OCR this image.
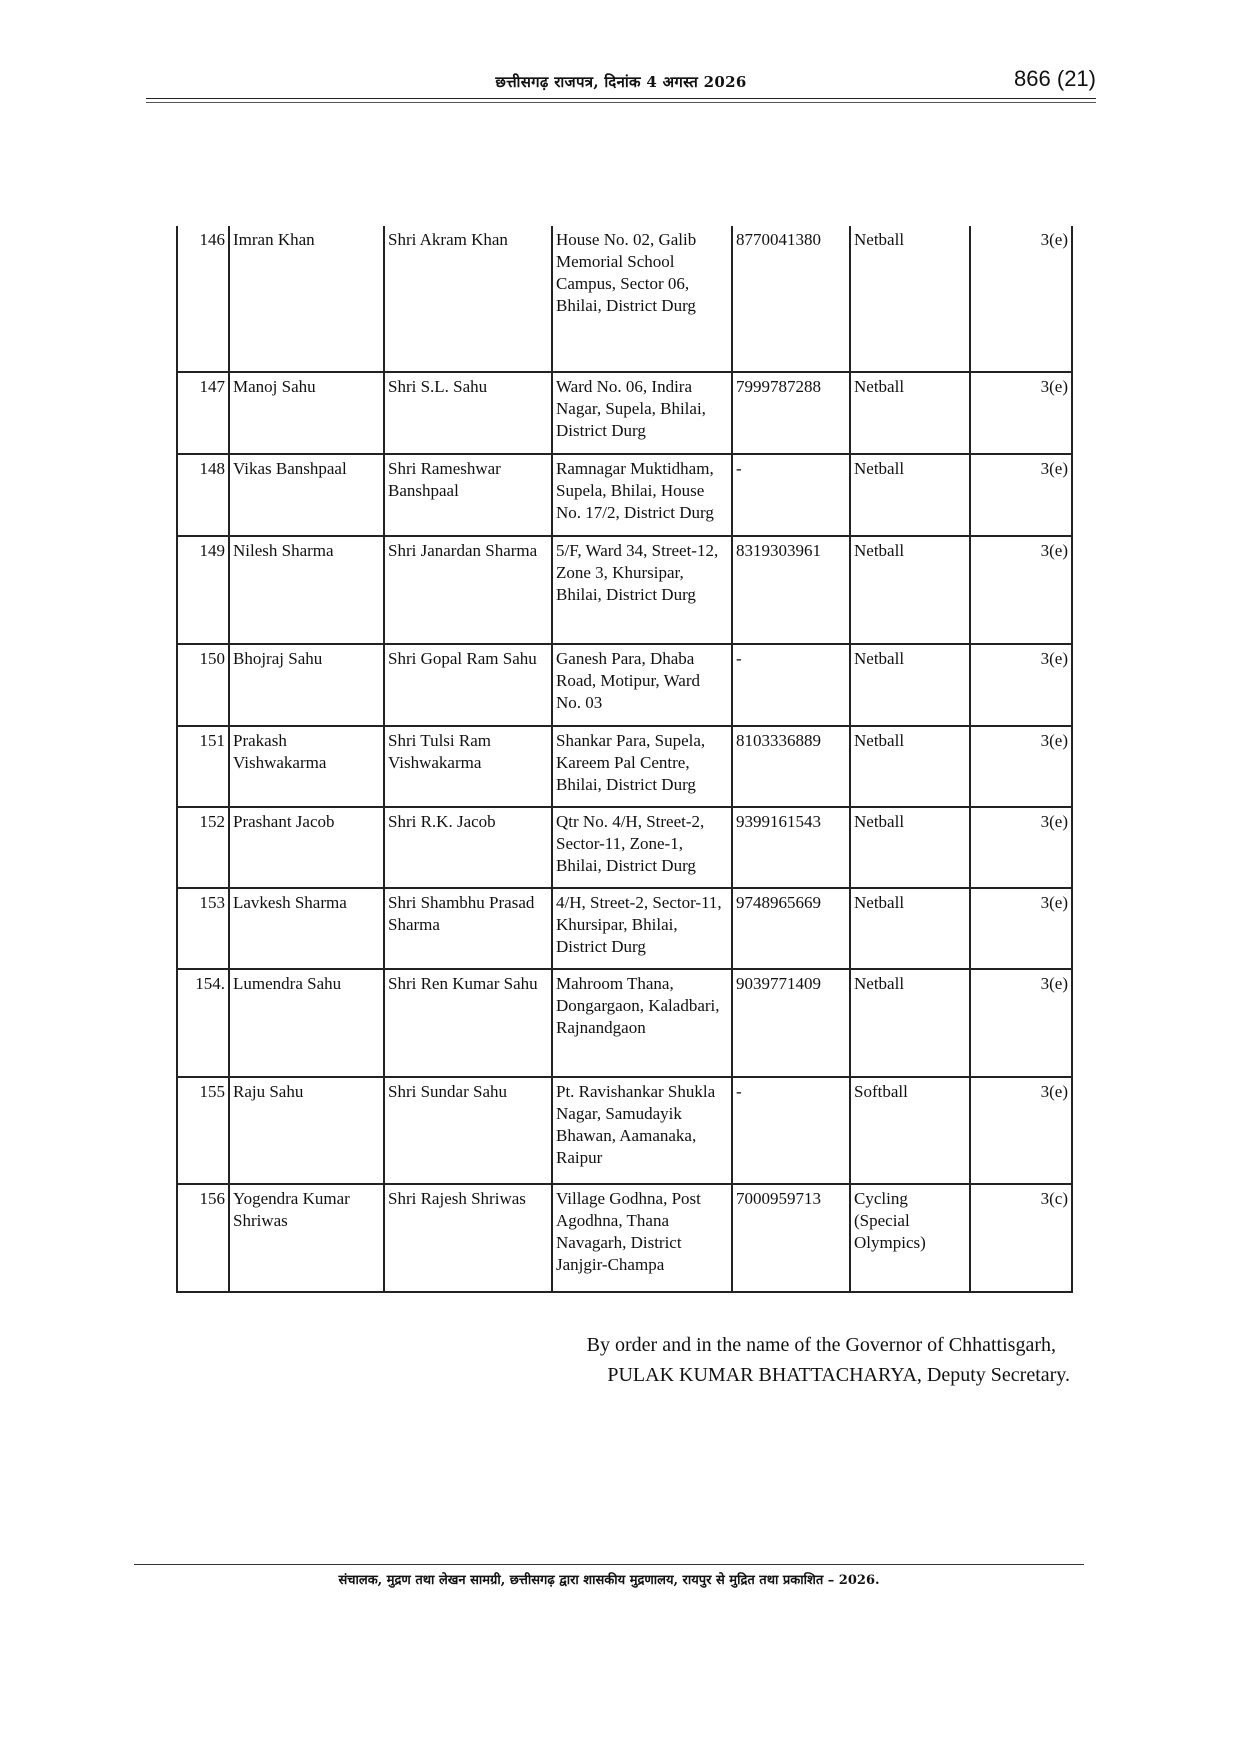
छत्तीसगढ़ राजपत्र, दिनांक 4 अगस्त 2026	866 (21)
146	Imran Khan	Shri Akram Khan	House No. 02, Galib Memorial School Campus, Sector 06, Bhilai, District Durg	8770041380	Netball	3(e)
147	Manoj Sahu	Shri S.L. Sahu	Ward No. 06, Indira Nagar, Supela, Bhilai, District Durg	7999787288	Netball	3(e)
148	Vikas Banshpaal	Shri Rameshwar Banshpaal	Ramnagar Muktidham, Supela, Bhilai, House No. 17/2, District Durg	-	Netball	3(e)
149	Nilesh Sharma	Shri Janardan Sharma	5/F, Ward 34, Street-12, Zone 3, Khursipar, Bhilai, District Durg	8319303961	Netball	3(e)
150	Bhojraj Sahu	Shri Gopal Ram Sahu	Ganesh Para, Dhaba Road, Motipur, Ward No. 03	-	Netball	3(e)
151	Prakash Vishwakarma	Shri Tulsi Ram Vishwakarma	Shankar Para, Supela, Kareem Pal Centre, Bhilai, District Durg	8103336889	Netball	3(e)
152	Prashant Jacob	Shri R.K. Jacob	Qtr No. 4/H, Street-2, Sector-11, Zone-1, Bhilai, District Durg	9399161543	Netball	3(e)
153	Lavkesh Sharma	Shri Shambhu Prasad Sharma	4/H, Street-2, Sector-11, Khursipar, Bhilai, District Durg	9748965669	Netball	3(e)
154.	Lumendra Sahu	Shri Ren Kumar Sahu	Mahroom Thana, Dongargaon, Kaladbari, Rajnandgaon	9039771409	Netball	3(e)
155	Raju Sahu	Shri Sundar Sahu	Pt. Ravishankar Shukla Nagar, Samudayik Bhawan, Aamanaka, Raipur	-	Softball	3(e)
156	Yogendra Kumar Shriwas	Shri Rajesh Shriwas	Village Godhna, Post Agodhna, Thana Navagarh, District Janjgir-Champa	7000959713	Cycling (Special Olympics)	3(c)
By order and in the name of the Governor of Chhattisgarh,
PULAK KUMAR BHATTACHARYA, Deputy Secretary.
संचालक, मुद्रण तथा लेखन सामग्री, छत्तीसगढ़ द्वारा शासकीय मुद्रणालय, रायपुर से मुद्रित तथा प्रकाशित – 2026.
